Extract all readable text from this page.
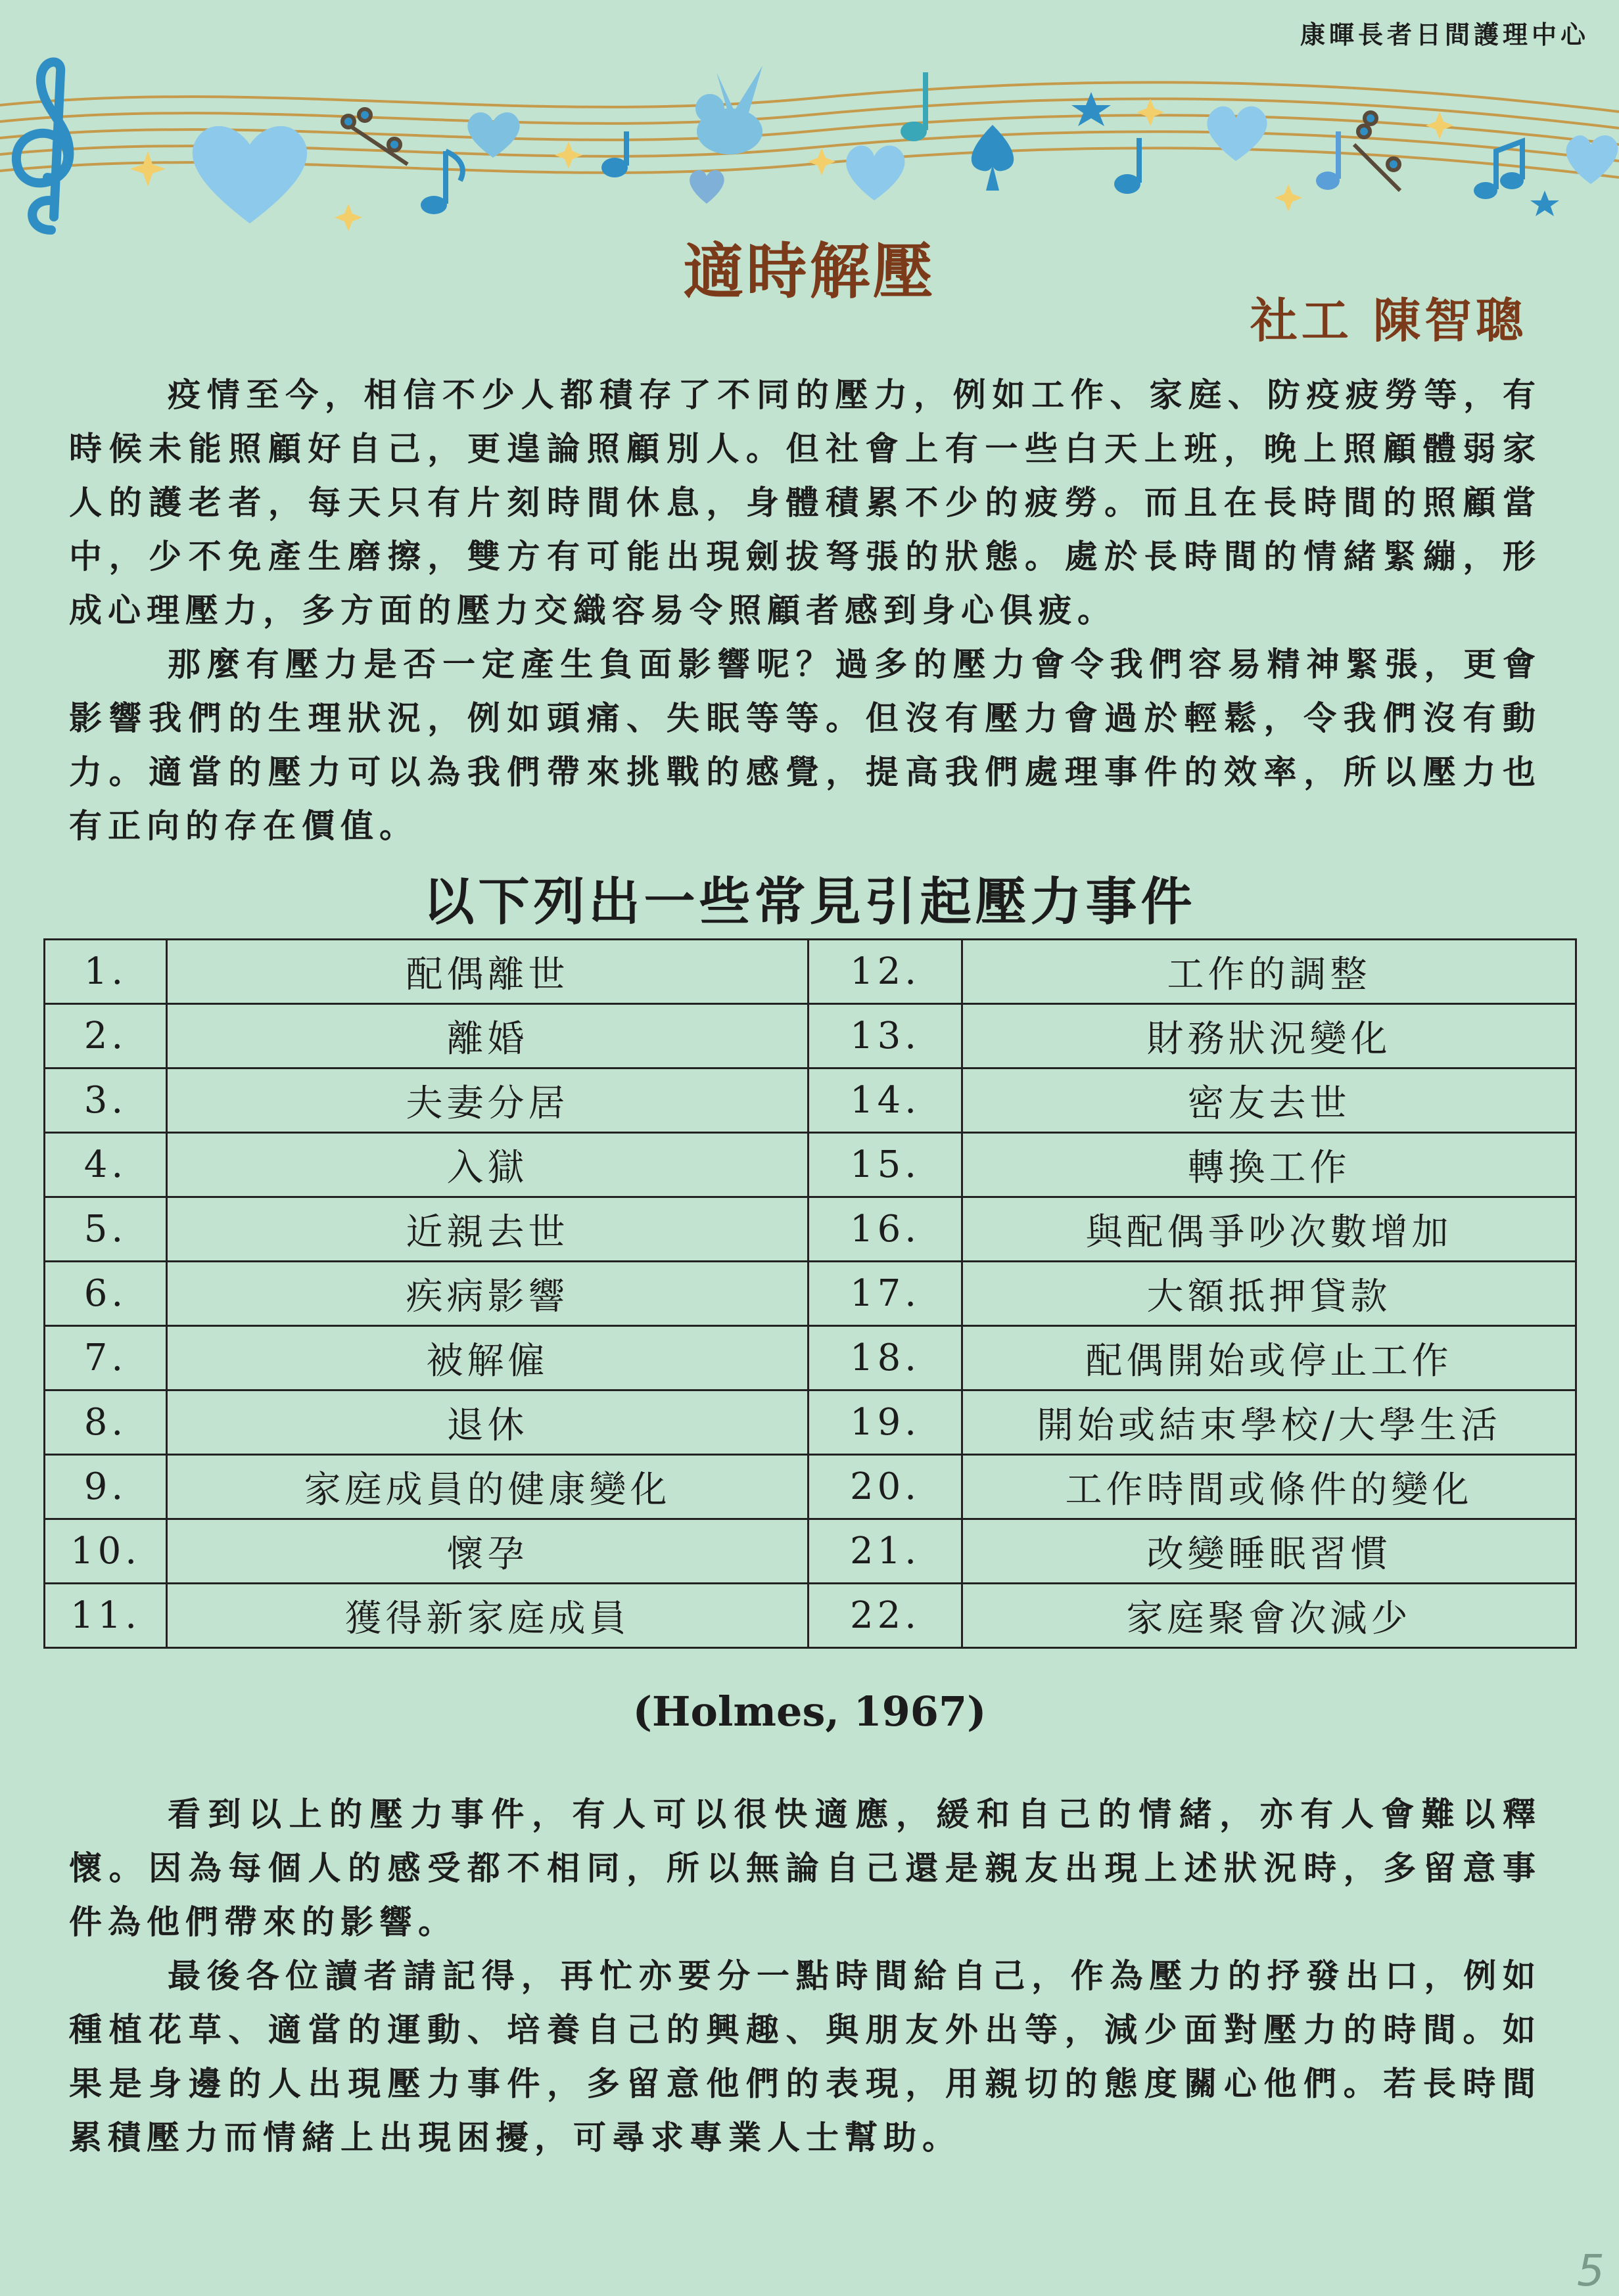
康暉長者日間護理中心
適時解壓
社工 陳智聰

疫情至今，相信不少人都積存了不同的壓力，例如工作、家庭、防疫疲勞等，有時候未能照顧好自己，更遑論照顧別人。但社會上有一些白天上班，晚上照顧體弱家人的護老者，每天只有片刻時間休息，身體積累不少的疲勞。而且在長時間的照顧當中，少不免產生磨擦，雙方有可能出現劍拔弩張的狀態。處於長時間的情緒緊繃，形成心理壓力，多方面的壓力交織容易令照顧者感到身心俱疲。

那麼有壓力是否一定產生負面影響呢？過多的壓力會令我們容易精神緊張，更會影響我們的生理狀況，例如頭痛、失眠等等。但沒有壓力會過於輕鬆，令我們沒有動力。適當的壓力可以為我們帶來挑戰的感覺，提高我們處理事件的效率，所以壓力也有正向的存在價值。

以下列出一些常見引起壓力事件
1.	配偶離世	12.	工作的調整
2.	離婚	13.	財務狀況變化
3.	夫妻分居	14.	密友去世
4.	入獄	15.	轉換工作
5.	近親去世	16.	與配偶爭吵次數增加
6.	疾病影響	17.	大額抵押貸款
7.	被解僱	18.	配偶開始或停止工作
8.	退休	19.	開始或結束學校/大學生活
9.	家庭成員的健康變化	20.	工作時間或條件的變化
10.	懷孕	21.	改變睡眠習慣
11.	獲得新家庭成員	22.	家庭聚會次減少
(Holmes, 1967)

看到以上的壓力事件，有人可以很快適應，緩和自己的情緒，亦有人會難以釋懷。因為每個人的感受都不相同，所以無論自己還是親友出現上述狀況時，多留意事件為他們帶來的影響。

最後各位讀者請記得，再忙亦要分一點時間給自己，作為壓力的抒發出口，例如種植花草、適當的運動、培養自己的興趣、與朋友外出等，減少面對壓力的時間。如果是身邊的人出現壓力事件，多留意他們的表現，用親切的態度關心他們。若長時間累積壓力而情緒上出現困擾，可尋求專業人士幫助。

5
